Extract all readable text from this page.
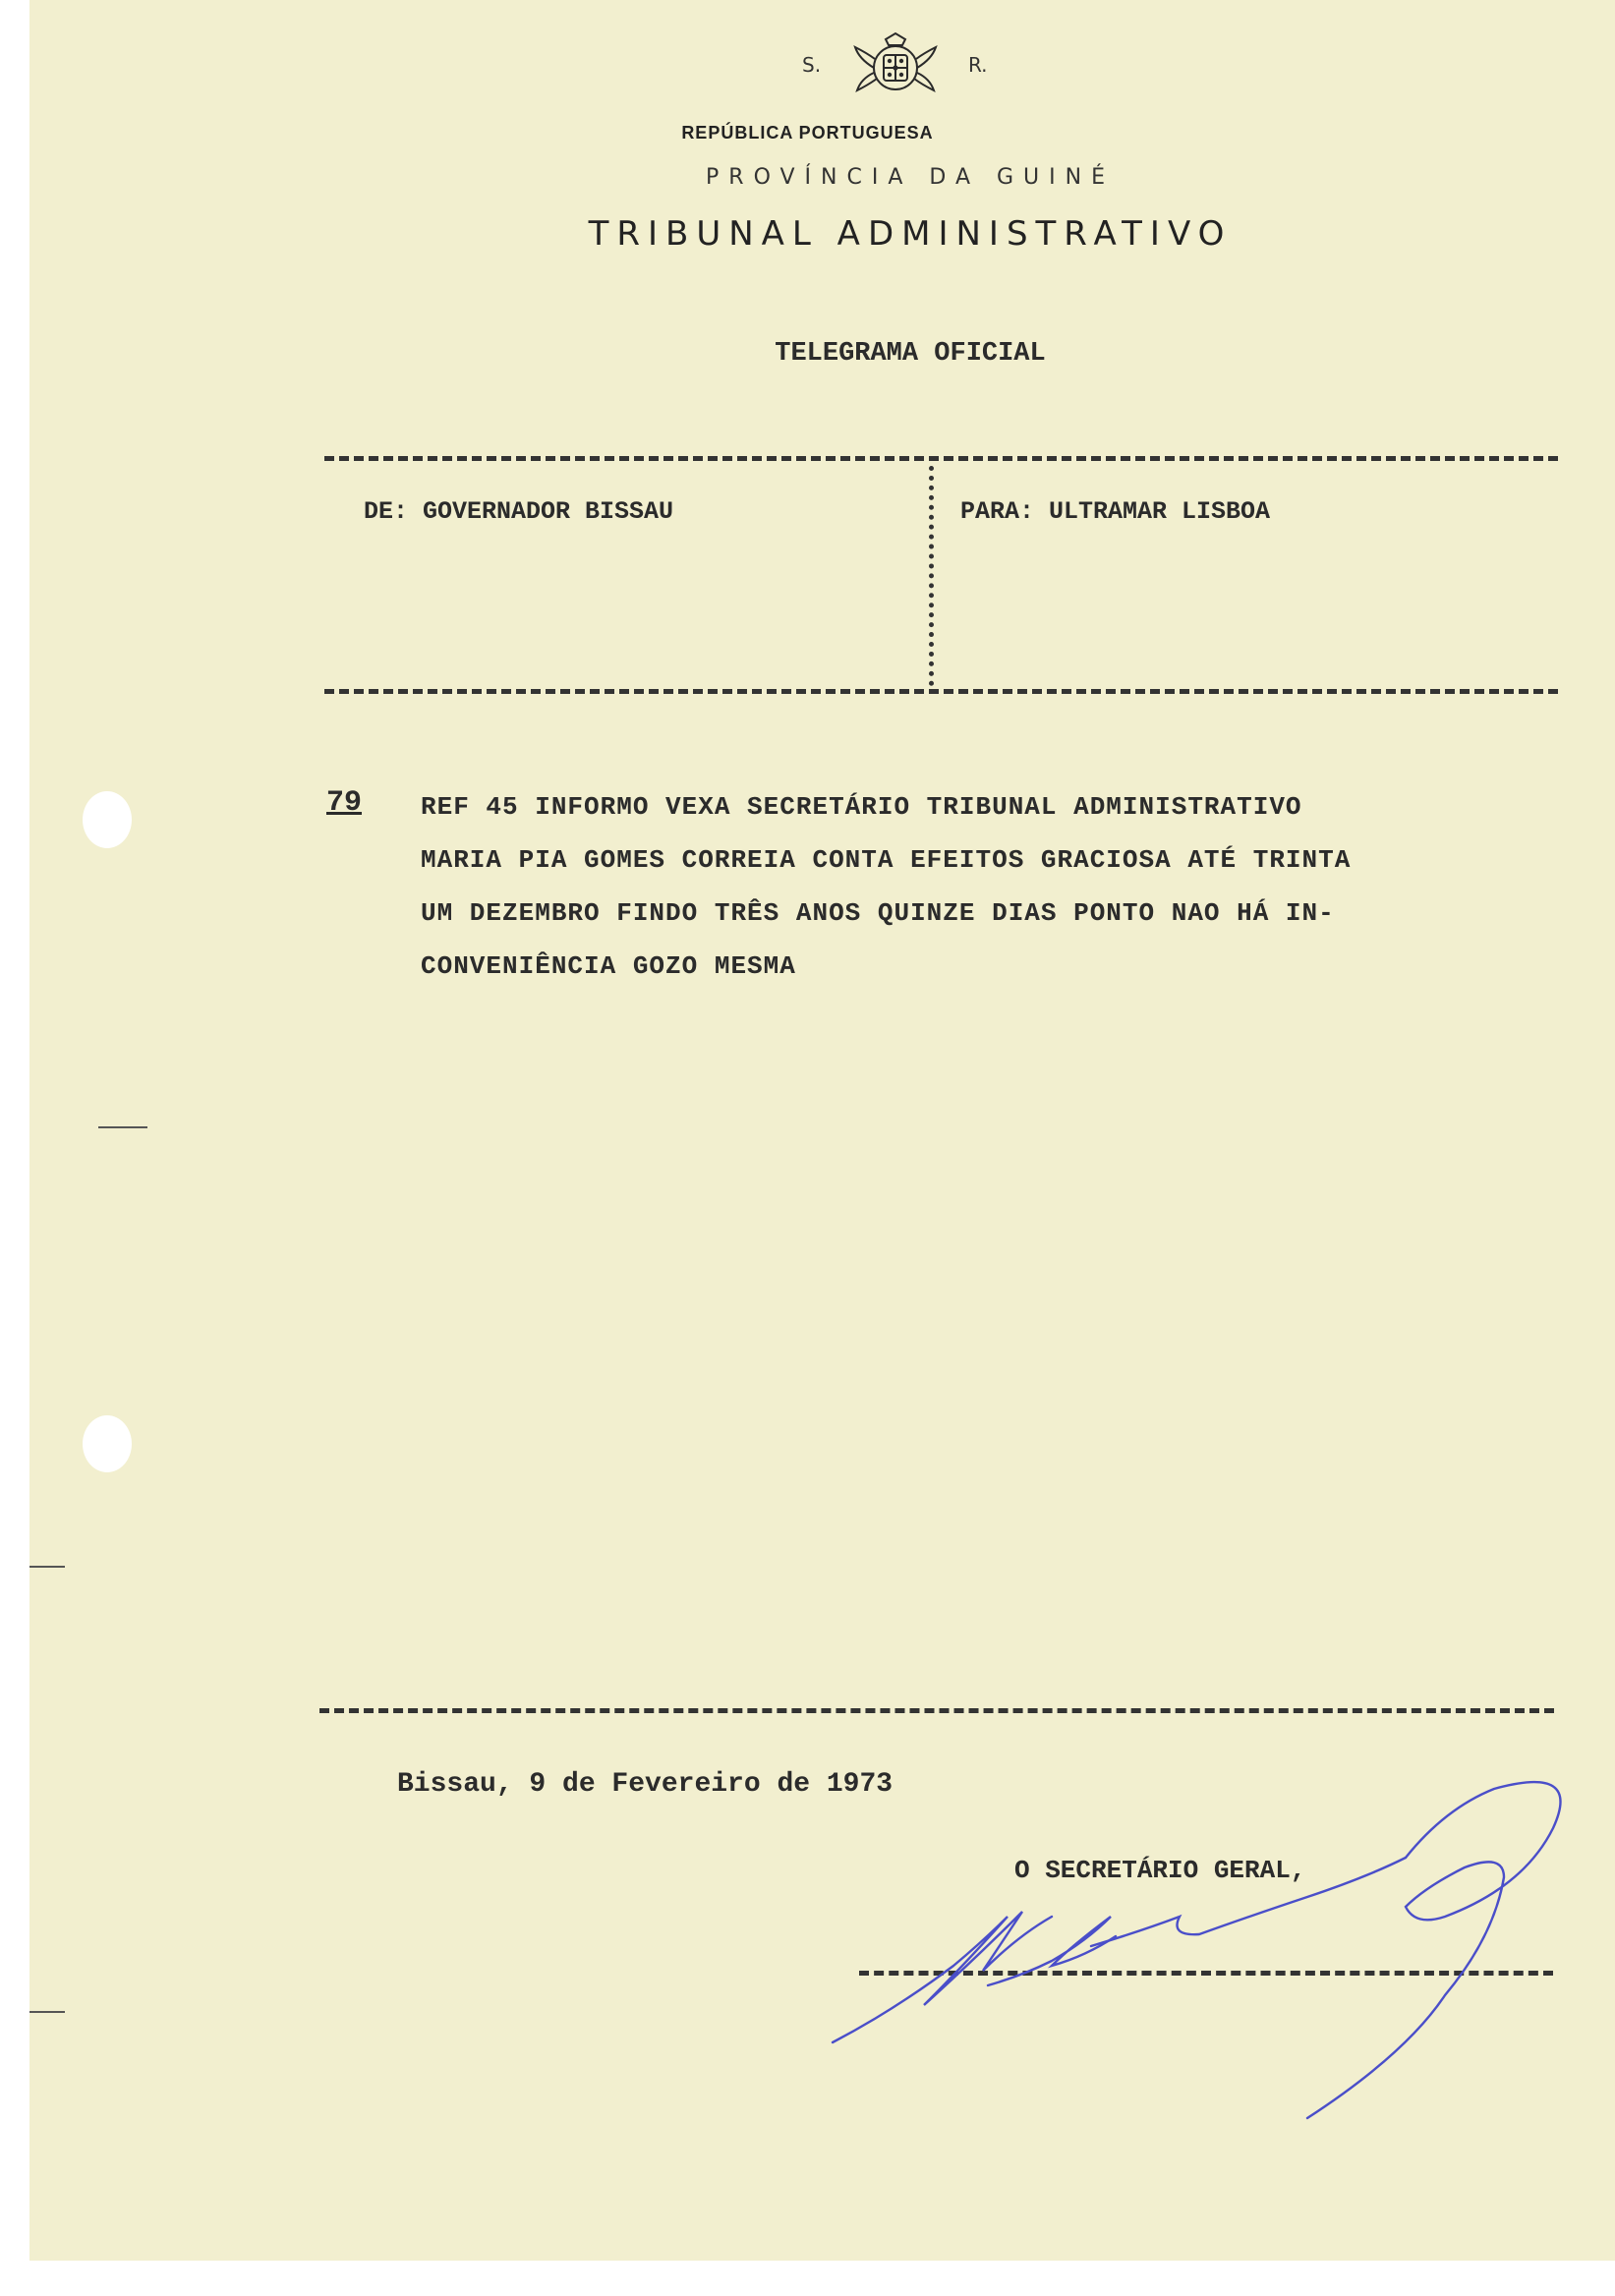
S.	R.
REPÚBLICA PORTUGUESA
PROVÍNCIA DA GUINÉ
TRIBUNAL ADMINISTRATIVO
TELEGRAMA OFICIAL
DE: GOVERNADOR BISSAU	PARA: ULTRAMAR LISBOA
79 REF 45 INFORMO VEXA SECRETÁRIO TRIBUNAL ADMINISTRATIVO
MARIA PIA GOMES CORREIA CONTA EFEITOS GRACIOSA ATÉ TRINTA
UM DEZEMBRO FINDO TRÊS ANOS QUINZE DIAS PONTO NAO HÁ IN-
CONVENIÊNCIA GOZO MESMA
Bissau, 9 de Fevereiro de 1973
O SECRETÁRIO GERAL,
